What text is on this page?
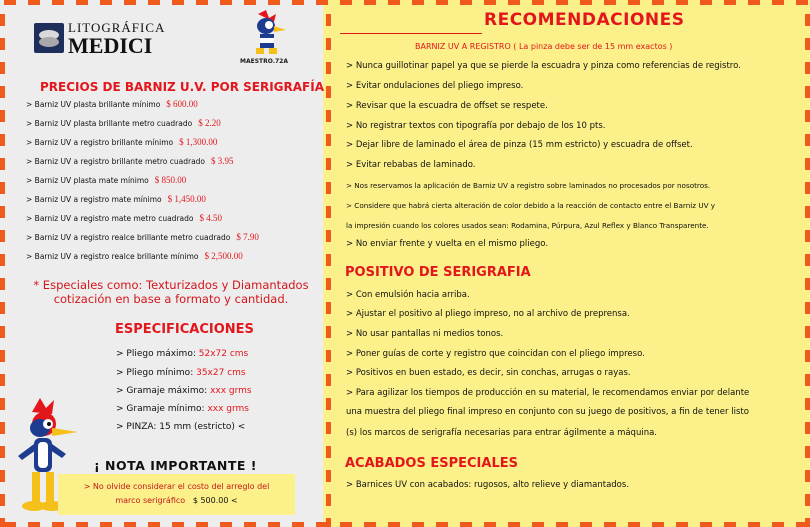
LITOGRÁFICA
MEDICI
MAESTRO.72A
PRECIOS DE BARNIZ U.V. POR SERIGRAFÍA
> Barniz UV plasta brillante mínimo $ 600.00
> Barniz UV plasta brillante metro cuadrado $ 2.20
> Barniz UV a registro brillante mínimo $ 1,300.00
> Barniz UV a registro brillante metro cuadrado $ 3.95
> Barniz UV plasta mate mínimo $ 850.00
> Barniz UV a registro mate mínimo $ 1,450.00
> Barniz UV a registro mate metro cuadrado $ 4.50
> Barniz UV a registro realce brillante metro cuadrado $ 7.90
> Barniz UV a registro realce brillante mínimo $ 2,500.00
* Especiales como: Texturizados y Diamantados cotización en base a formato y cantidad.
ESPECIFICACIONES
> Pliego máximo: 52x72 cms
> Pliego mínimo: 35x27 cms
> Gramaje máximo: xxx grms
> Gramaje mínimo: xxx grms
> PINZA: 15 mm (estricto) <
¡ NOTA IMPORTANTE !
> No olvide considerar el costo del arreglo del
marco serigráfico $ 500.00 <
RECOMENDACIONES
BARNIZ UV A REGISTRO ( La pinza debe ser de 15 mm exactos )
> Nunca guillotinar papel ya que se pierde la escuadra y pinza como referencias de registro.
> Evitar ondulaciones del pliego impreso.
> Revisar que la escuadra de offset se respete.
> No registrar textos con tipografía por debajo de los 10 pts.
> Dejar libre de laminado el área de pinza (15 mm estricto) y escuadra de offset.
> Evitar rebabas de laminado.
> Nos reservamos la aplicación de Barniz UV a registro sobre laminados no procesados por nosotros.
> Considere que habrá cierta alteración de color debido a la reacción de contacto entre el Barniz UV y
la impresión cuando los colores usados sean: Rodamina, Púrpura, Azul Reflex y Blanco Transparente.
> No enviar frente y vuelta en el mismo pliego.
POSITIVO DE SERIGRAFIA
> Con emulsión hacia arriba.
> Ajustar el positivo al pliego impreso, no al archivo de preprensa.
> No usar pantallas ni medios tonos.
> Poner guías de corte y registro que coincidan con el pliego impreso.
> Positivos en buen estado, es decir, sin conchas, arrugas o rayas.
> Para agilizar los tiempos de producción en su material, le recomendamos enviar por delante
una muestra del pliego final impreso en conjunto con su juego de positivos, a fin de tener listo
(s) los marcos de serigrafía necesarias para entrar ágilmente a máquina.
ACABADOS ESPECIALES
> Barnices UV con acabados: rugosos, alto relieve y diamantados.
